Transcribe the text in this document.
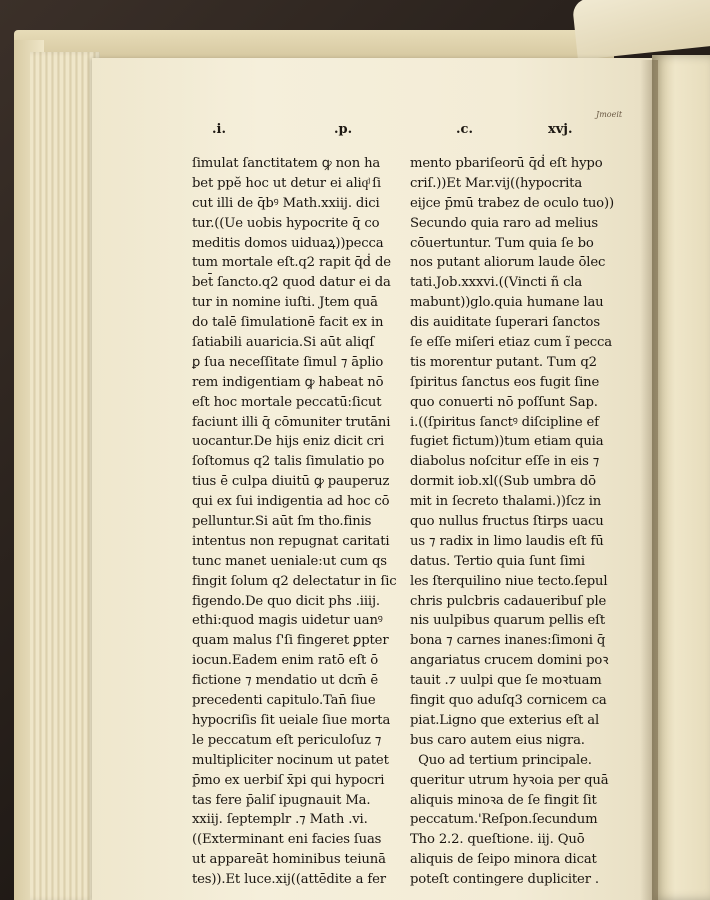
.i.	.p.	.c.	xvj.
Jmoeit
ſimulat ſanctitatem ꝙ non ha
bet ppĕ hoc ut detur ei aliqͩ ſi
cut illi de q̄bꝰ Math.xxiij. dici
tur.((Ue uobis hypocrite q̄ co
meditis domos uiduaꝝ))pecca
tum mortale eſt.q2 rapit q̄ḋ de
bet̄ ſancto.q2 quod datur ei da
tur in nomine iuſti. Jtem quā
do talē ſimulationē facit ex in
ſatiabili auaricia.Si aūt aliqſ
ꝑ ſua neceſſitate ſimul ⁊ āplio
rem indigentiam ꝙ habeat nō
eſt hoc mortale peccatū:ſicut
faciunt illi q̄ cōmuniter trutāni
uocantur.De hijs eniz dicit cri
ſoſtomus q2 talis ſimulatio po
tius ē culpa diuitū ꝙ pauperuz
qui ex ſui indigentia ad hoc cō
pelluntur.Si aūt ſm tho.finis
intentus non repugnat caritati
tunc manet ueniale:ut cum qs
fingit ſolum q2 delectatur in ſic
figendo.De quo dicit phs .iiij.
ethi:quod magis uidetur uanꝰ
quam malus ſ'ſi fingeret ꝑpter
iocun.Eadem enim ratō eſt ō
fictione ⁊ mendatio ut dcm̄ ē
precedenti capitulo.Tan̄ ſiue
hypocriſis ſit ueiale ſiue morta
le peccatum eſt periculoſuz ⁊
multipliciter nocinum ut patet
p̄mo ex uerbiſ x̄pi qui hypocri
tas fere p̄aliſ ipugnauit Ma.
xxiij. ſeptemplr .⁊ Math .vi.
((Exterminant eni facies ſuas
ut appareāt hominibus teiunā
tes)).Et luce.xij((attēdite a fer
mento pbariſeorū q̄ḋ eſt hypo
criſ.))Et Mar.vij((hypocrita
eijce p̄mū trabez de oculo tuo))
Secundo quia raro ad melius
cōuertuntur. Tum quia ſe bo
nos putant aliorum laude ōlec
tati.Job.xxxvi.((Vincti ñ cla
mabunt))glo.quia humane lau
dis auiditate ſuperari ſanctos
ſe eſſe miſeri etiaz cum ĩ pecca
tis morentur putant. Tum q2
ſpiritus ſanctus eos fugit ſine
quo conuerti nō poſſunt Sap.
i.((ſpiritus ſanctꝰ diſcipline ef
fugiet fictum))tum etiam quia
diabolus noſcitur eſſe in eis ⁊
dormit iob.xl((Sub umbra dō
mit in ſecreto thalami.))ſcz in
quo nullus fructus ſtirps uacu
us ⁊ radix in limo laudis eſt fū
datus. Tertio quia ſunt ſimi
les ſterquilino niue tecto.ſepul
chris pulcbris cadaueribuſ ple
nis uulpibus quarum pellis eſt
bona ⁊ carnes inanes:ſimoni q̄
angariatus crucem domini poꝛ
tauit .⁊ uulpi que ſe moꝛtuam
fingit quo aduſq3 cornicem ca
piat.Ligno que exterius eſt al
bus caro autem eius nigra.
Quo ad tertium principale.
queritur utrum hyꝛoia per quā
aliquis minoꝛa de ſe fingit ſit
peccatum.'Reſpon.ſecundum
Tho 2.2. queſtione. iij. Quō
aliquis de ſeipo minora dicat
poteſt contingere dupliciter .
